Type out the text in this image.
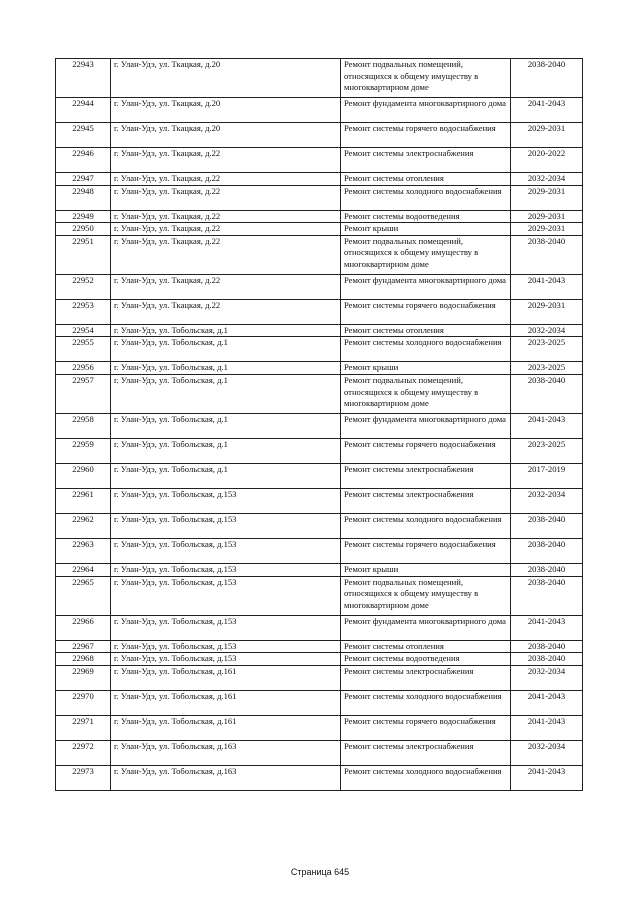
22943	г. Улан-Удэ, ул. Ткацкая, д.20	Ремонт подвальных помещений, относящихся к общему имуществу в многоквартирном доме	2038-2040
22944	г. Улан-Удэ, ул. Ткацкая, д.20	Ремонт фундамента многоквартирного дома	2041-2043
22945	г. Улан-Удэ, ул. Ткацкая, д.20	Ремонт системы горячего водоснабжения	2029-2031
22946	г. Улан-Удэ, ул. Ткацкая, д.22	Ремонт системы электроснабжения	2020-2022
22947	г. Улан-Удэ, ул. Ткацкая, д.22	Ремонт системы отопления	2032-2034
22948	г. Улан-Удэ, ул. Ткацкая, д.22	Ремонт системы холодного водоснабжения	2029-2031
22949	г. Улан-Удэ, ул. Ткацкая, д.22	Ремонт системы водоотведения	2029-2031
22950	г. Улан-Удэ, ул. Ткацкая, д.22	Ремонт крыши	2029-2031
22951	г. Улан-Удэ, ул. Ткацкая, д.22	Ремонт подвальных помещений, относящихся к общему имуществу в многоквартирном доме	2038-2040
22952	г. Улан-Удэ, ул. Ткацкая, д.22	Ремонт фундамента многоквартирного дома	2041-2043
22953	г. Улан-Удэ, ул. Ткацкая, д.22	Ремонт системы горячего водоснабжения	2029-2031
22954	г. Улан-Удэ, ул. Тобольская, д.1	Ремонт системы отопления	2032-2034
22955	г. Улан-Удэ, ул. Тобольская, д.1	Ремонт системы холодного водоснабжения	2023-2025
22956	г. Улан-Удэ, ул. Тобольская, д.1	Ремонт крыши	2023-2025
22957	г. Улан-Удэ, ул. Тобольская, д.1	Ремонт подвальных помещений, относящихся к общему имуществу в многоквартирном доме	2038-2040
22958	г. Улан-Удэ, ул. Тобольская, д.1	Ремонт фундамента многоквартирного дома	2041-2043
22959	г. Улан-Удэ, ул. Тобольская, д.1	Ремонт системы горячего водоснабжения	2023-2025
22960	г. Улан-Удэ, ул. Тобольская, д.1	Ремонт системы электроснабжения	2017-2019
22961	г. Улан-Удэ, ул. Тобольская, д.153	Ремонт системы электроснабжения	2032-2034
22962	г. Улан-Удэ, ул. Тобольская, д.153	Ремонт системы холодного водоснабжения	2038-2040
22963	г. Улан-Удэ, ул. Тобольская, д.153	Ремонт системы горячего водоснабжения	2038-2040
22964	г. Улан-Удэ, ул. Тобольская, д.153	Ремонт крыши	2038-2040
22965	г. Улан-Удэ, ул. Тобольская, д.153	Ремонт подвальных помещений, относящихся к общему имуществу в многоквартирном доме	2038-2040
22966	г. Улан-Удэ, ул. Тобольская, д.153	Ремонт фундамента многоквартирного дома	2041-2043
22967	г. Улан-Удэ, ул. Тобольская, д.153	Ремонт системы отопления	2038-2040
22968	г. Улан-Удэ, ул. Тобольская, д.153	Ремонт системы водоотведения	2038-2040
22969	г. Улан-Удэ, ул. Тобольская, д.161	Ремонт системы электроснабжения	2032-2034
22970	г. Улан-Удэ, ул. Тобольская, д.161	Ремонт системы холодного водоснабжения	2041-2043
22971	г. Улан-Удэ, ул. Тобольская, д.161	Ремонт системы горячего водоснабжения	2041-2043
22972	г. Улан-Удэ, ул. Тобольская, д.163	Ремонт системы электроснабжения	2032-2034
22973	г. Улан-Удэ, ул. Тобольская, д.163	Ремонт системы холодного водоснабжения	2041-2043
Страница 645
